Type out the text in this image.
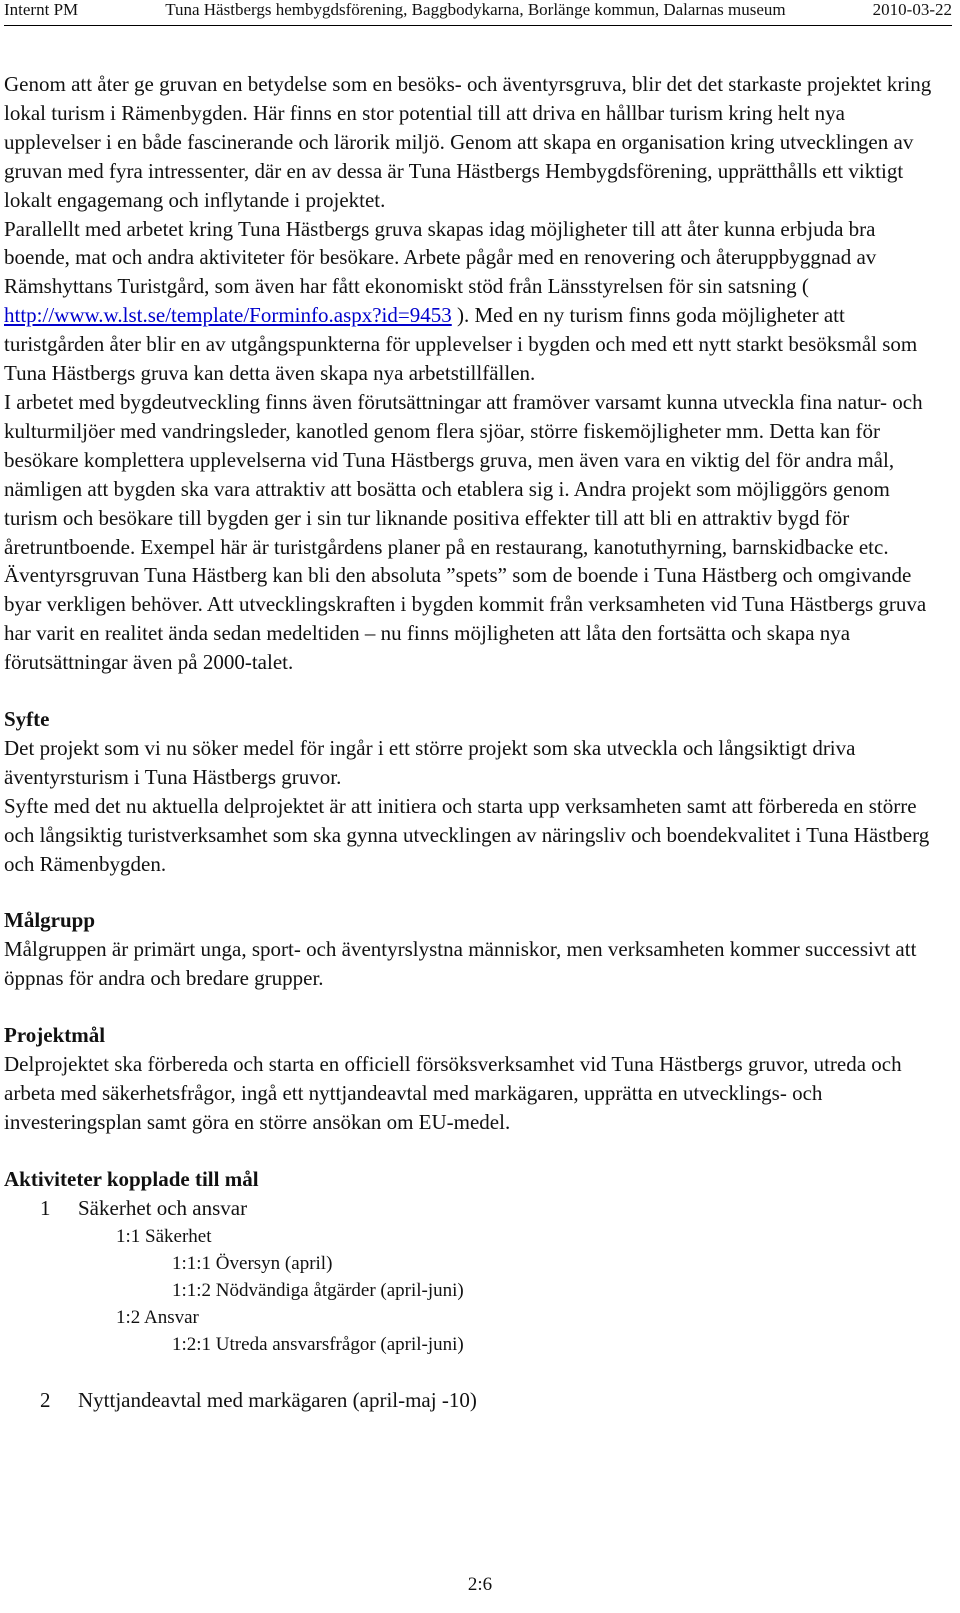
Internt PM	Tuna Hästbergs hembygdsförening, Baggbodykarna, Borlänge kommun, Dalarnas museum	2010-03-22

Genom att åter ge gruvan en betydelse som en besöks- och äventyrsgruva, blir det det starkaste projektet kring lokal turism i Rämenbygden. Här finns en stor potential till att driva en hållbar turism kring helt nya upplevelser i en både fascinerande och lärorik miljö. Genom att skapa en organisation kring utvecklingen av gruvan med fyra intressenter, där en av dessa är Tuna Hästbergs Hembygdsförening, upprätthålls ett viktigt lokalt engagemang och inflytande i projektet.

Parallellt med arbetet kring Tuna Hästbergs gruva skapas idag möjligheter till att åter kunna erbjuda bra boende, mat och andra aktiviteter för besökare. Arbete pågår med en renovering och återuppbyggnad av Rämshyttans Turistgård, som även har fått ekonomiskt stöd från Länsstyrelsen för sin satsning ( http://www.w.lst.se/template/Forminfo.aspx?id=9453 ). Med en ny turism finns goda möjligheter att turistgården åter blir en av utgångspunkterna för upplevelser i bygden och med ett nytt starkt besöksmål som Tuna Hästbergs gruva kan detta även skapa nya arbetstillfällen.

I arbetet med bygdeutveckling finns även förutsättningar att framöver varsamt kunna utveckla fina natur- och kulturmiljöer med vandringsleder, kanotled genom flera sjöar, större fiskemöjligheter mm. Detta kan för besökare komplettera upplevelserna vid Tuna Hästbergs gruva, men även vara en viktig del för andra mål, nämligen att bygden ska vara attraktiv att bosätta och etablera sig i. Andra projekt som möjliggörs genom turism och besökare till bygden ger i sin tur liknande positiva effekter till att bli en attraktiv bygd för åretruntboende. Exempel här är turistgårdens planer på en restaurang, kanotuthyrning, barnskidbacke etc. Äventyrsgruvan Tuna Hästberg kan bli den absoluta ”spets” som de boende i Tuna Hästberg och omgivande byar verkligen behöver. Att utvecklingskraften i bygden kommit från verksamheten vid Tuna Hästbergs gruva har varit en realitet ända sedan medeltiden – nu finns möjligheten att låta den fortsätta och skapa nya förutsättningar även på 2000-talet.

Syfte

Det projekt som vi nu söker medel för ingår i ett större projekt som ska utveckla och långsiktigt driva äventyrsturism i Tuna Hästbergs gruvor.

Syfte med det nu aktuella delprojektet är att initiera och starta upp verksamheten samt att förbereda en större och långsiktig turistverksamhet som ska gynna utvecklingen av näringsliv och boendekvalitet i Tuna Hästberg och Rämenbygden.

Målgrupp

Målgruppen är primärt unga, sport- och äventyrslystna människor, men verksamheten kommer successivt att öppnas för andra och bredare grupper.

Projektmål

Delprojektet ska förbereda och starta en officiell försöksverksamhet vid Tuna Hästbergs gruvor, utreda och arbeta med säkerhetsfrågor, ingå ett nyttjandeavtal med markägaren, upprätta en utvecklings- och investeringsplan samt göra en större ansökan om EU-medel.

Aktiviteter kopplade till mål
1	Säkerhet och ansvar
1:1 Säkerhet
1:1:1 Översyn (april)
1:1:2 Nödvändiga åtgärder (april-juni)
1:2 Ansvar
1:2:1 Utreda ansvarsfrågor (april-juni)
2	Nyttjandeavtal med markägaren (april-maj -10)
2:6
